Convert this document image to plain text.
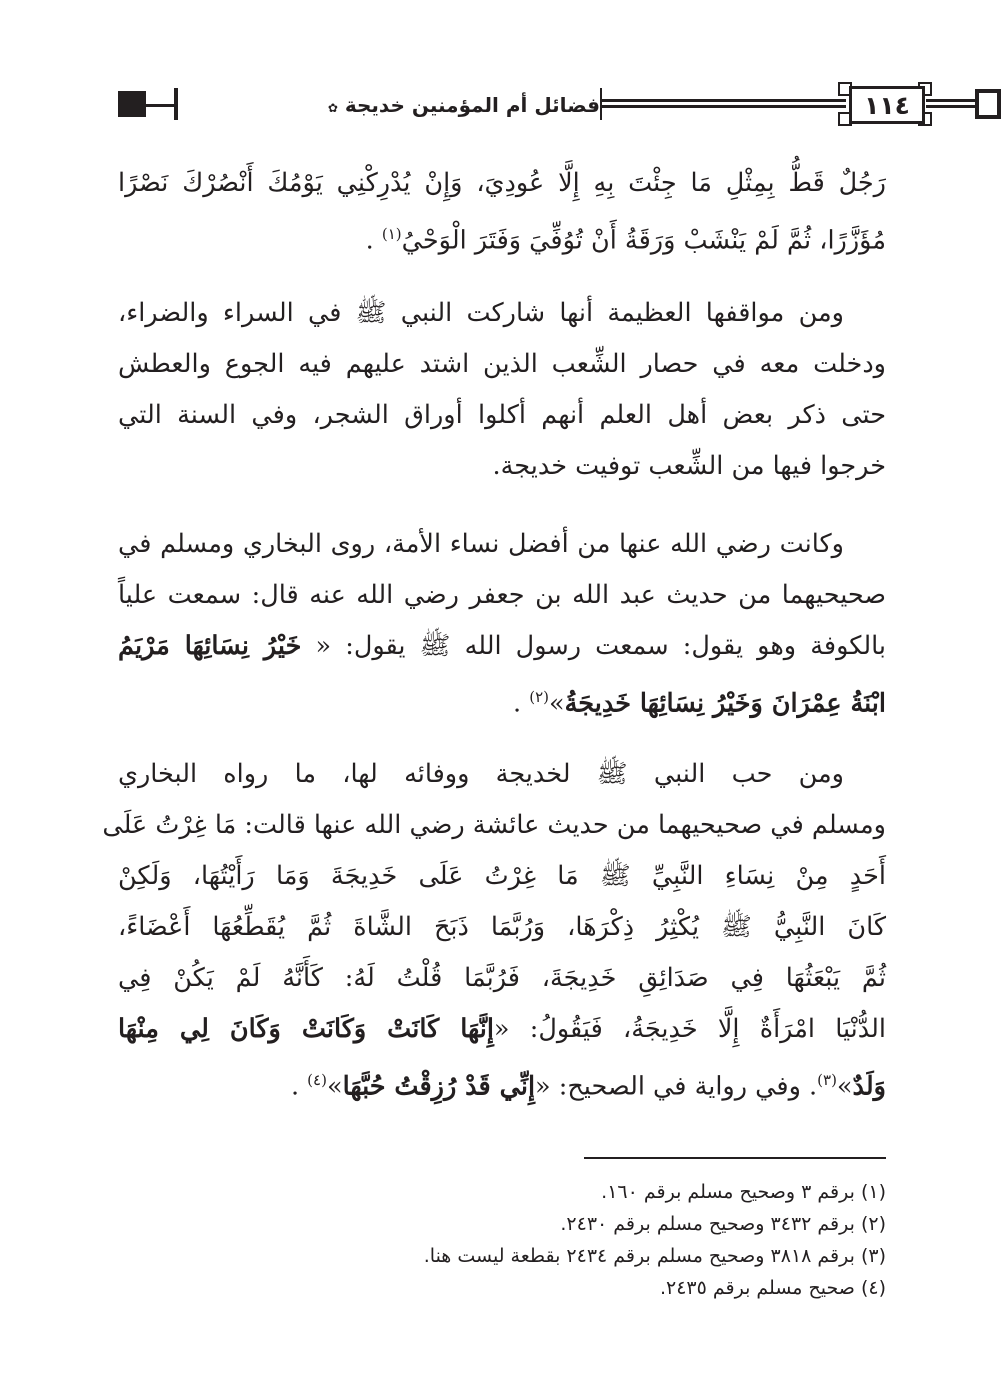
١١٤
فضائل أم المؤمنين خديجة ✿
رَجُلٌ قَطُّ بِمِثْلِ مَا جِئْتَ بِهِ إِلَّا عُودِيَ، وَإِنْ يُدْرِكْنِي يَوْمُكَ أَنْصُرْكَ نَصْرًا
مُؤَزَّرًا، ثُمَّ لَمْ يَنْشَبْ وَرَقَةُ أَنْ تُوُفِّيَ وَفَتَرَ الْوَحْيُ$^{(١)}$ .
ومن مواقفها العظيمة أنها شاركت النبي ﷺ في السراء والضراء،
ودخلت معه في حصار الشِّعب الذين اشتد عليهم فيه الجوع والعطش
حتى ذكر بعض أهل العلم أنهم أكلوا أوراق الشجر، وفي السنة التي
خرجوا فيها من الشِّعب توفيت خديجة.
وكانت رضي الله عنها من أفضل نساء الأمة، روى البخاري ومسلم في
صحيحيهما من حديث عبد الله بن جعفر رضي الله عنه قال: سمعت علياً
بالكوفة وهو يقول: سمعت رسول الله ﷺ يقول: « خَيْرُ نِسَائِهَا مَرْيَمُ
ابْنَةُ عِمْرَانَ وَخَيْرُ نِسَائِهَا خَدِيجَةُ»$^{(٢)}$ .
ومن حب النبي ﷺ لخديجة ووفائه لها، ما رواه البخاري
ومسلم في صحيحيهما من حديث عائشة رضي الله عنها قالت: مَا غِرْتُ عَلَى
أَحَدٍ مِنْ نِسَاءِ النَّبِيِّ ﷺ مَا غِرْتُ عَلَى خَدِيجَةَ وَمَا رَأَيْتُهَا، وَلَكِنْ
كَانَ النَّبِيُّ ﷺ يُكْثِرُ ذِكْرَهَا، وَرُبَّمَا ذَبَحَ الشَّاةَ ثُمَّ يُقَطِّعُهَا أَعْضَاءً،
ثُمَّ يَبْعَثُهَا فِي صَدَائِقِ خَدِيجَةَ، فَرُبَّمَا قُلْتُ لَهُ: كَأَنَّهُ لَمْ يَكُنْ فِي
الدُّنْيَا امْرَأَةٌ إِلَّا خَدِيجَةُ، فَيَقُولُ: «إِنَّهَا كَانَتْ وَكَانَتْ وَكَانَ لِي مِنْهَا
وَلَدٌ»$^{(٣)}$. وفي رواية في الصحيح: «إِنِّي قَدْ رُزِقْتُ حُبَّهَا»$^{(٤)}$ .
(١) برقم ٣ وصحيح مسلم برقم ١٦٠.
(٢) برقم ٣٤٣٢ وصحيح مسلم برقم ٢٤٣٠.
(٣) برقم ٣٨١٨ وصحيح مسلم برقم ٢٤٣٤ بقطعة ليست هنا.
(٤) صحيح مسلم برقم ٢٤٣٥.
